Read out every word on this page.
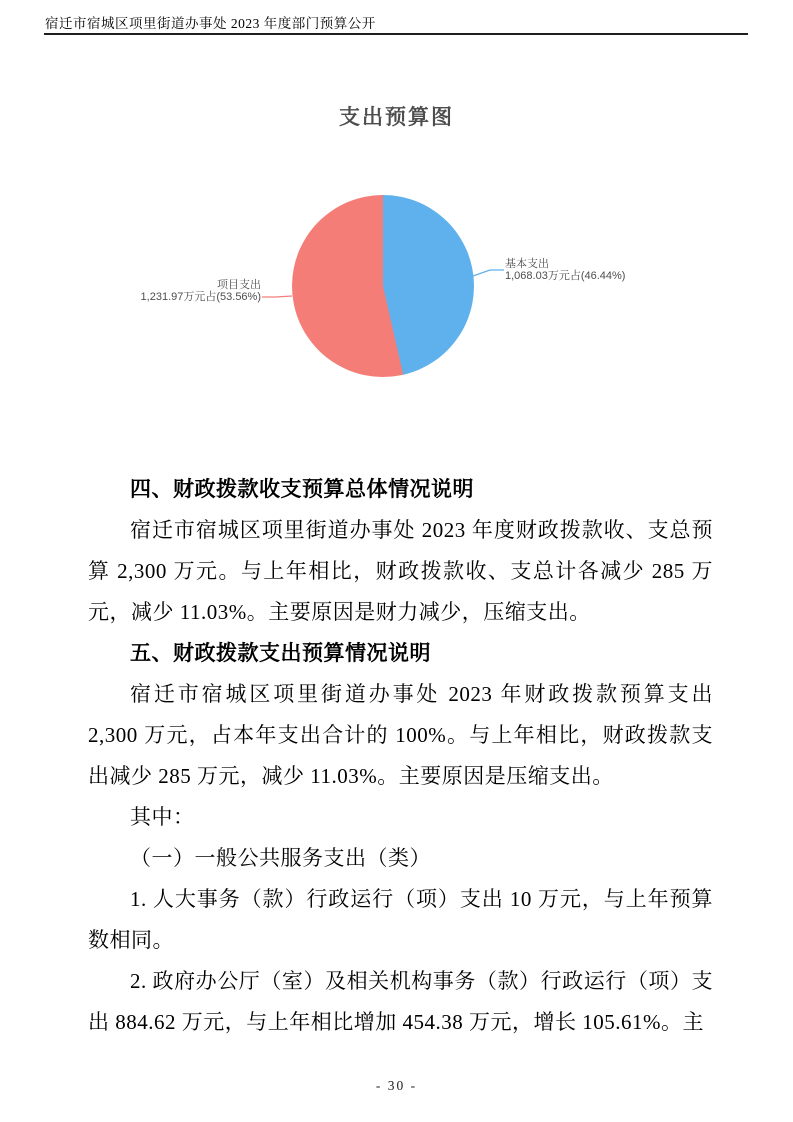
宿迁市宿城区项里街道办事处 2023 年度部门预算公开
支出预算图
项目支出
1,231.97万元占(53.56%)
基本支出
1,068.03万元占(46.44%)

四、财政拨款收支预算总体情况说明

宿迁市宿城区项里街道办事处 2023 年度财政拨款收、支总预算 2,300 万元。与上年相比，财政拨款收、支总计各减少 285 万元，减少 11.03%。主要原因是财力减少，压缩支出。

五、财政拨款支出预算情况说明

宿迁市宿城区项里街道办事处 2023 年财政拨款预算支出 2,300 万元，占本年支出合计的 100%。与上年相比，财政拨款支出减少 285 万元，减少 11.03%。主要原因是压缩支出。

其中：

（一）一般公共服务支出（类）

1. 人大事务（款）行政运行（项）支出 10 万元，与上年预算数相同。

2. 政府办公厅（室）及相关机构事务（款）行政运行（项）支出 884.62 万元，与上年相比增加 454.38 万元，增长 105.61%。主

- 30 -
